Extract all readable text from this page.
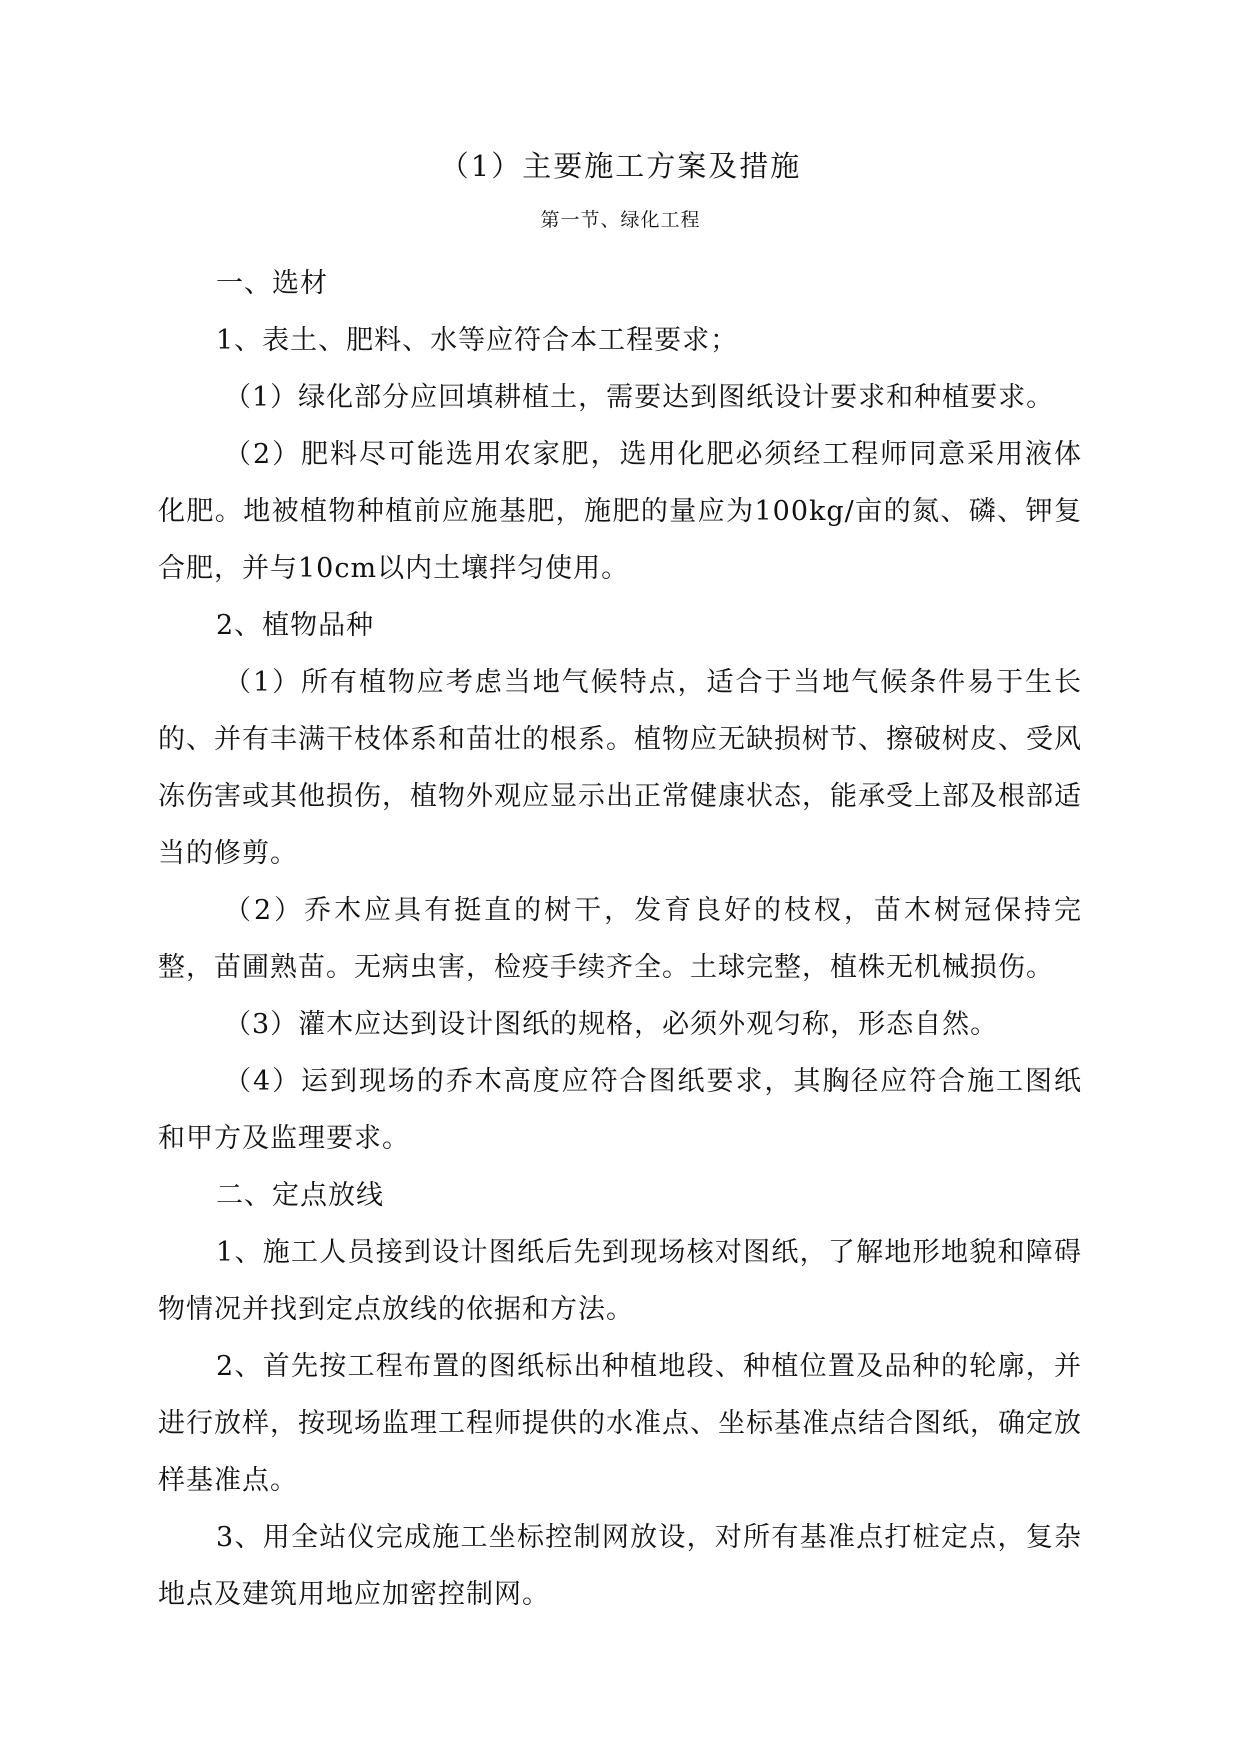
（1）主要施工方案及措施
第一节、绿化工程

一、选材

1、表土、肥料、水等应符合本工程要求；

（1）绿化部分应回填耕植土，需要达到图纸设计要求和种植要求。

（2）肥料尽可能选用农家肥，选用化肥必须经工程师同意采用液体化肥。地被植物种植前应施基肥，施肥的量应为100kg/亩的氮、磷、钾复合肥，并与10cm以内土壤拌匀使用。

2、植物品种

（1）所有植物应考虑当地气候特点，适合于当地气候条件易于生长的、并有丰满干枝体系和苗壮的根系。植物应无缺损树节、擦破树皮、受风冻伤害或其他损伤，植物外观应显示出正常健康状态，能承受上部及根部适当的修剪。

（2）乔木应具有挺直的树干，发育良好的枝杈，苗木树冠保持完整，苗圃熟苗。无病虫害，检疫手续齐全。土球完整，植株无机械损伤。

（3）灌木应达到设计图纸的规格，必须外观匀称，形态自然。

（4）运到现场的乔木高度应符合图纸要求，其胸径应符合施工图纸和甲方及监理要求。

二、定点放线

1、施工人员接到设计图纸后先到现场核对图纸，了解地形地貌和障碍物情况并找到定点放线的依据和方法。

2、首先按工程布置的图纸标出种植地段、种植位置及品种的轮廓，并进行放样，按现场监理工程师提供的水准点、坐标基准点结合图纸，确定放样基准点。

3、用全站仪完成施工坐标控制网放设，对所有基准点打桩定点，复杂地点及建筑用地应加密控制网。
